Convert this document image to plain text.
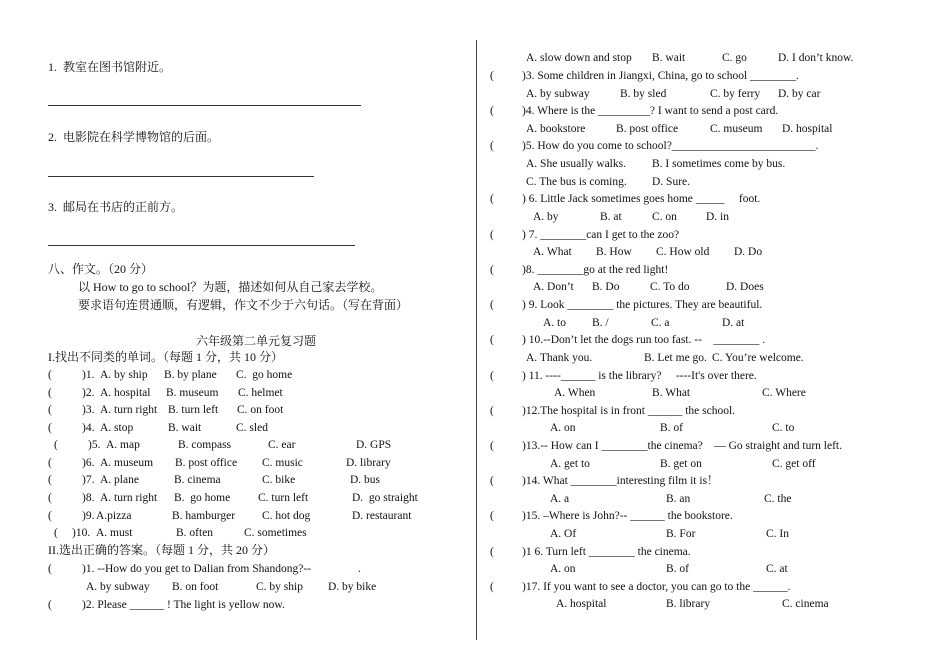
1.  教室在图书馆附近。
2.  电影院在科学博物馆的后面。
3.  邮局在书店的正前方。
八、作文。（20 分）
以 How to go to school？为题，描述如何从自己家去学校。
要求语句连贯通顺，有逻辑，作文不少于六句话。（写在背面）
六年级第二单元复习题
I.找出不同类的单词。（每题 1 分，共 10 分）
(	)1. A. by ship B. by plane C.  go home
(	)2. A. hospital B. museum C. helmet
(	)3. A. turn right B. turn left C. on foot
(	)4. A. stop	B. wait	C. sled
(	)5. A. map	B. compass	C. ear	D. GPS
(	)6. A. museum B. post office C. music	D. library
(	)7. A. plane	B. cinema	C. bike	D. bus
(	)8. A. turn right B.  go home C. turn left	D.  go straight
(	)9. A.pizza	B. hamburger C. hot dog	D. restaurant
( )10. A. must	B. often	C. sometimes
II.选出正确的答案。（每题 1 分，共 20 分）
(	)1. --How do you get to Dalian from Shandong?--	.
A. by subway B. on foot	C. by ship D. by bike
(	)2. Please ______ ! The light is yellow now.
A. slow down and stop B. wait	C. go	D. I don’t know.
( )3. Some children in Jiangxi, China, go to school ________.
A. by subway	B. by sled	C. by ferry D. by car
( )4. Where is the _________? I want to send a post card.
A. bookstore	B. post office	C. museum D. hospital
( )5. How do you come to school?_________________________.
A. She usually walks. B. I sometimes come by bus.
C. The bus is coming. D. Sure.
( ) 6. Little Jack sometimes goes home _____     foot.
A. by	B. at	C. on	D. in
( ) 7. ________can I get to the zoo?
A. What B. How C. How old D. Do
( )8. ________go at the red light!
A. Don’t B. Do	C. To do	D. Does
( ) 9. Look ________ the pictures. They are beautiful.
A. to B. /	C. a	D. at
( ) 10.--Don’t let the dogs run too fast. --    ________ .
A. Thank you.	B. Let me go. C. You’re welcome.
( ) 11. ----______ is the library?     ----It's over there.
A. When	B. What	C. Where
( )12.The hospital is in front ______ the school.
A. on	B. of	C. to
( )13.-- How can I ________the cinema?    — Go straight and turn left.
A. get to	B. get on	C. get off
( )14. What ________interesting film it is！
A. a	B. an	C. the
( )15. –Where is John?-- ______ the bookstore.
A. Of	B. For	C. In
( )1 6. Turn left ________ the cinema.
A. on	B. of	C. at
( )17. If you want to see a doctor, you can go to the ______.
A. hospital	B. library	C. cinema
